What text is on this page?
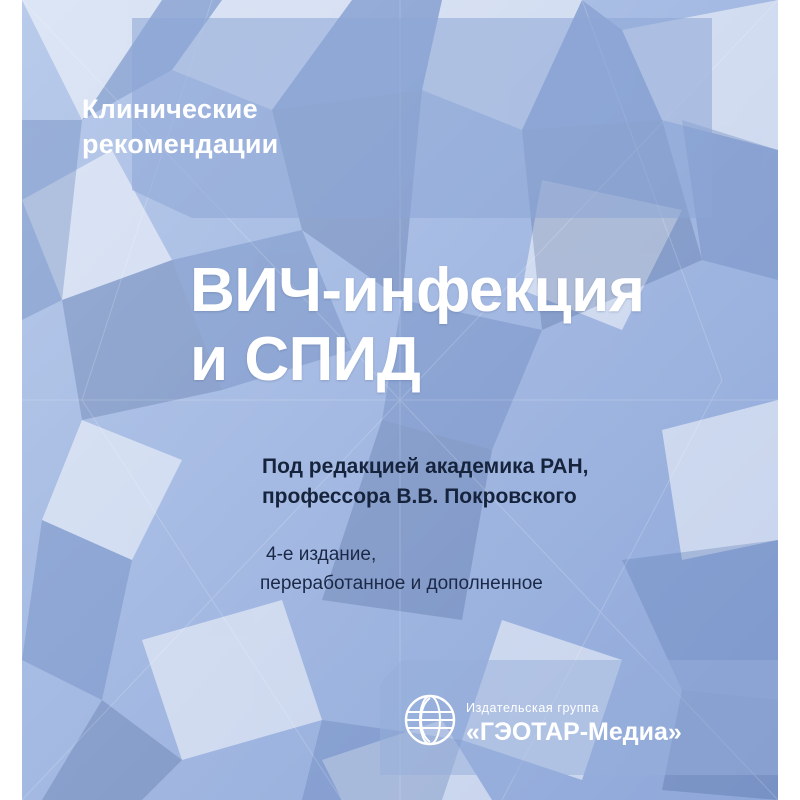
Клинические
рекомендации
ВИЧ-инфекция
и СПИД
Под редакцией академика РАН,
профессора В.В. Покровского
4-е издание,
переработанное и дополненное
Издательская группа
«ГЭОТАР-Медиа»
